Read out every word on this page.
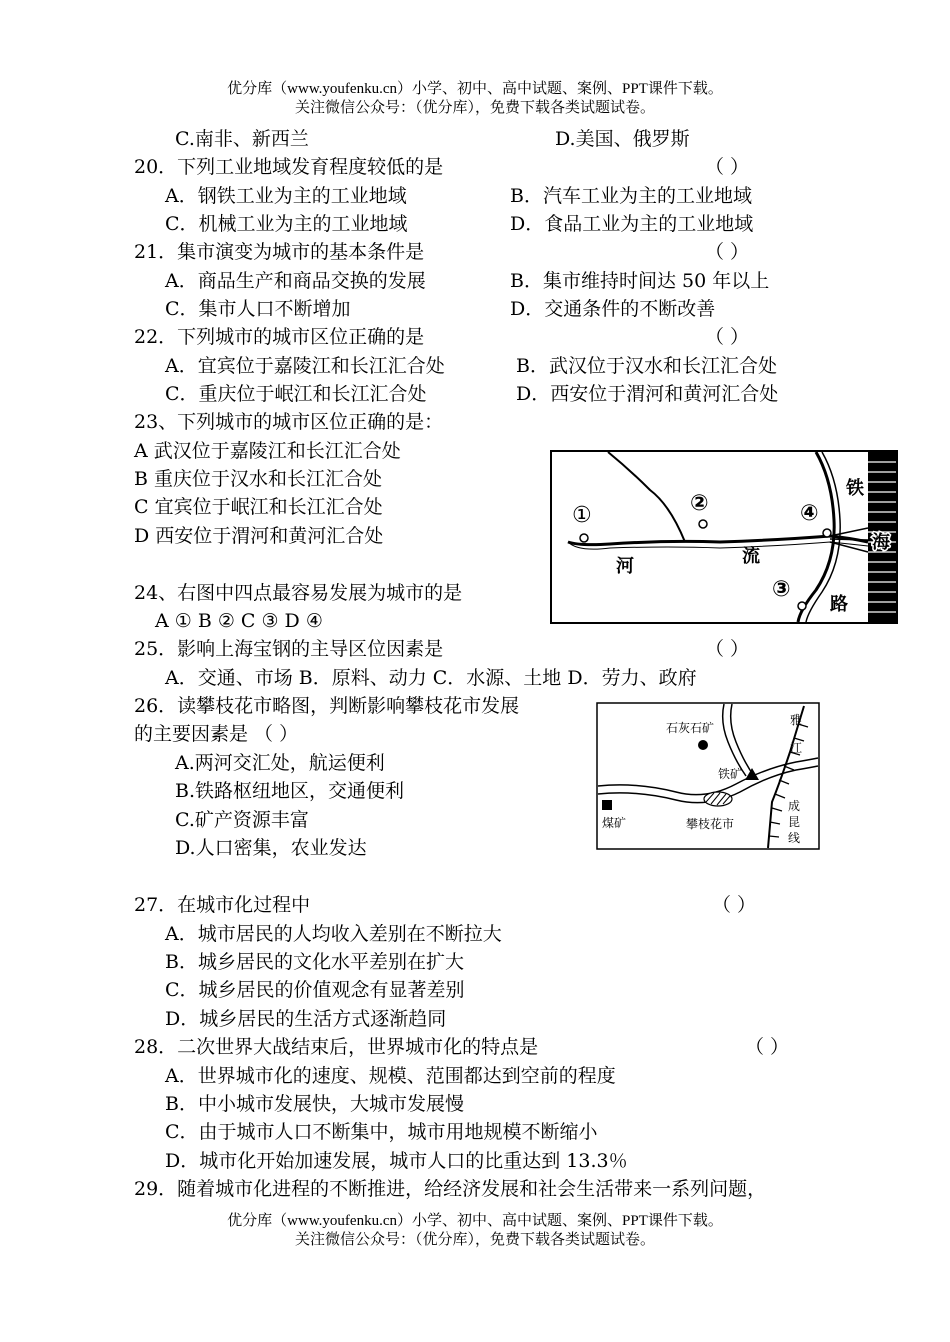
优分库（www.youfenku.cn）小学、初中、高中试题、案例、PPT课件下载。
关注微信公众号：（优分库），免费下载各类试题试卷。
C.南非、新西兰	D.美国、俄罗斯
20．下列工业地域发育程度较低的是	（ ）
A．钢铁工业为主的工业地域	B．汽车工业为主的工业地域
C．机械工业为主的工业地域	D．食品工业为主的工业地域
21．集市演变为城市的基本条件是	（ ）
A．商品生产和商品交换的发展	B．集市维持时间达 50 年以上
C．集市人口不断增加	D．交通条件的不断改善
22．下列城市的城市区位正确的是	（ ）
A．宜宾位于嘉陵江和长江汇合处	B．武汉位于汉水和长江汇合处
C．重庆位于岷江和长江汇合处	D．西安位于渭河和黄河汇合处
23、下列城市的城市区位正确的是：
A 武汉位于嘉陵江和长江汇合处
B 重庆位于汉水和长江汇合处
C 宜宾位于岷江和长江汇合处
D 西安位于渭河和黄河汇合处
①	②	④
③
河	流
铁
路
海
24、右图中四点最容易发展为城市的是
A ① B ② C ③ D ④
25．影响上海宝钢的主导区位因素是	（ ）
A．交通、市场 B．原料、动力 C．水源、土地 D．劳力、政府
26．读攀枝花市略图，判断影响攀枝花市发展
的主要因素是 （ ）
A.两河交汇处，航运便利
B.铁路枢纽地区，交通便利
C.矿产资源丰富
D.人口密集，农业发达
石灰石矿
铁矿
煤矿	攀枝花市
雅
江
成
昆
线
27．在城市化过程中	（ ）
A．城市居民的人均收入差别在不断拉大
B．城乡居民的文化水平差别在扩大
C．城乡居民的价值观念有显著差别
D．城乡居民的生活方式逐渐趋同
28．二次世界大战结束后，世界城市化的特点是	（ ）
A．世界城市化的速度、规模、范围都达到空前的程度
B．中小城市发展快，大城市发展慢
C．由于城市人口不断集中，城市用地规模不断缩小
D．城市化开始加速发展，城市人口的比重达到 13.3％
29．随着城市化进程的不断推进，给经济发展和社会生活带来一系列问题，
优分库（www.youfenku.cn）小学、初中、高中试题、案例、PPT课件下载。
关注微信公众号：（优分库），免费下载各类试题试卷。
